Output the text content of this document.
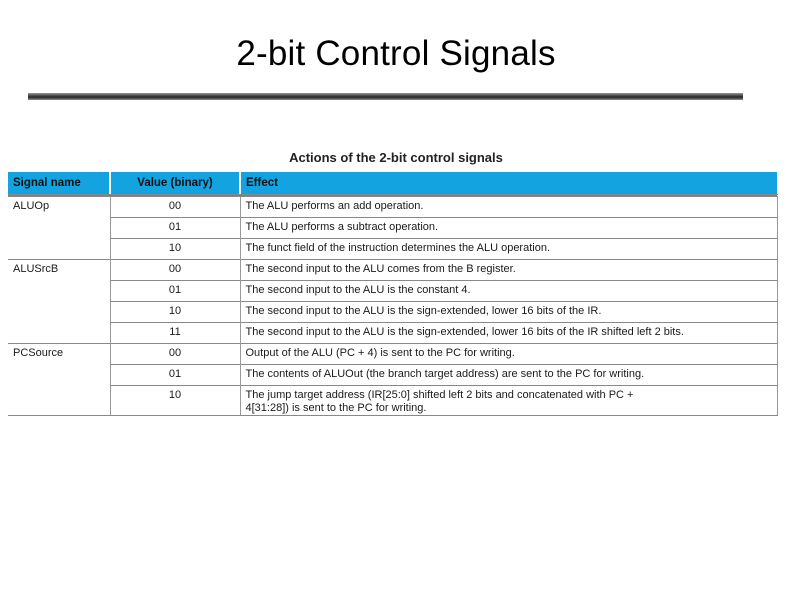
2-bit Control Signals
Actions of the 2-bit control signals
Signal name	Value (binary)	Effect
ALUOp	00	The ALU performs an add operation.
	01	The ALU performs a subtract operation.
	10	The funct field of the instruction determines the ALU operation.
ALUSrcB	00	The second input to the ALU comes from the B register.
	01	The second input to the ALU is the constant 4.
	10	The second input to the ALU is the sign-extended, lower 16 bits of the IR.
	11	The second input to the ALU is the sign-extended, lower 16 bits of the IR shifted left 2 bits.
PCSource	00	Output of the ALU (PC + 4) is sent to the PC for writing.
	01	The contents of ALUOut (the branch target address) are sent to the PC for writing.
	10	The jump target address (IR[25:0] shifted left 2 bits and concatenated with PC + 4[31:28]) is sent to the PC for writing.
